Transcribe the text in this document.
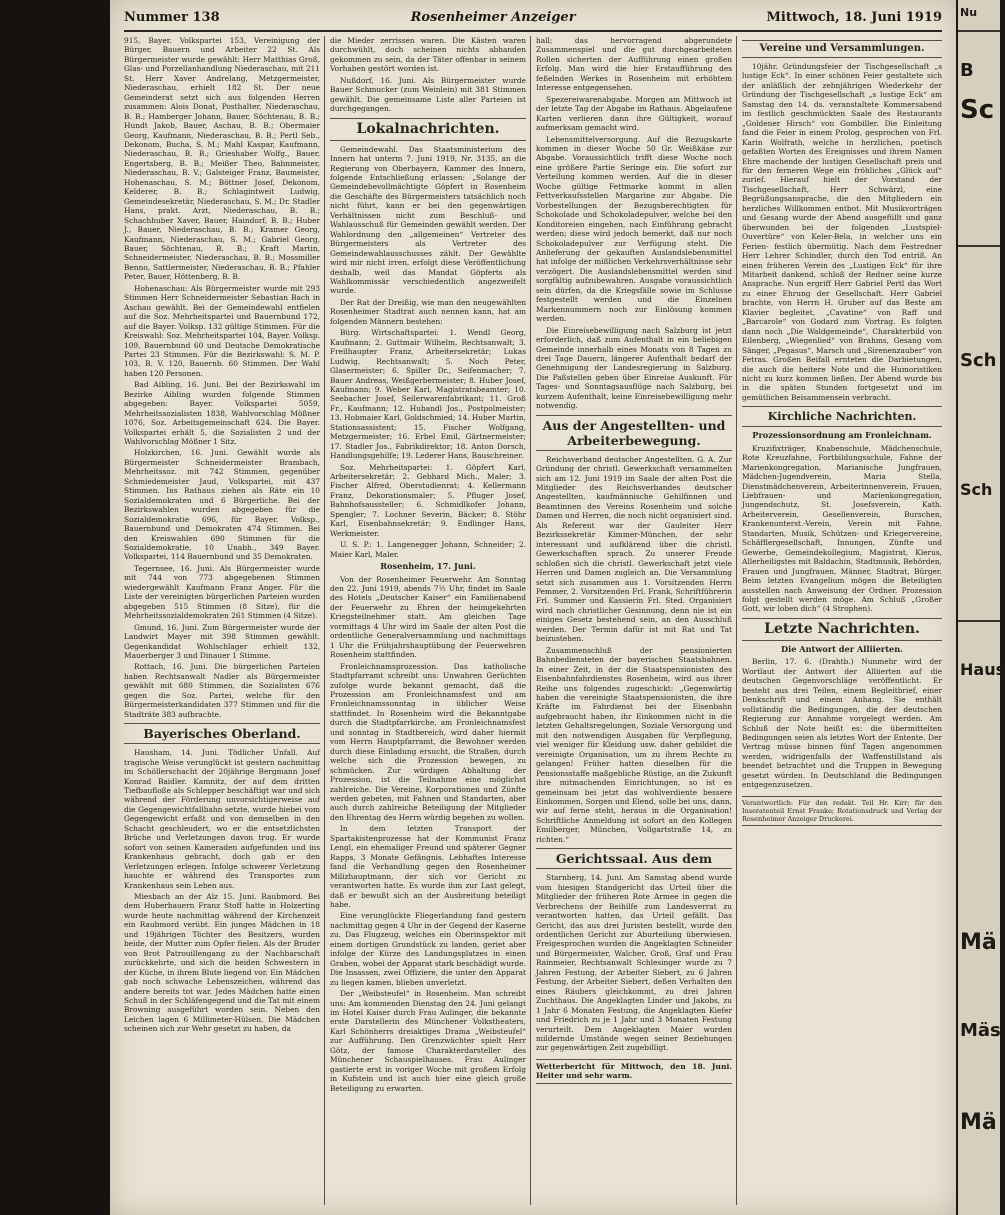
Nummer 138	Rosenheimer Anzeiger	Mittwoch, 18. Juni 1919
915, Bayer. Volkspartei 153, Vereinigung der Bürger, Bauern und Arbeiter 22 St. Als Bürgermeister wurde gewählt: Herr Matthias Groß, Glas- und Porzellanhandlung Niederaschau, mit 211 St. Herr Xaver Andrelang, Metzgermeister, Niederaschau, erhielt 182 St. Der neue Gemeinderat setzt sich aus folgenden Herren zusammen: Alois Donat, Posthalter, Niederaschau, B. B.; Hamberger Johann, Bauer, Söchtenau, B. B.; Hundt Jakob, Bauer, Aschau, B. B.; Obermaier Georg, Kaufmann, Niederaschau, B. B.; Pertl Seb., Dekonom, Bucha, S. M.; Mahl Kaspar, Kaufmann, Niederaschau, B. B.; Grieshaber Wolfg., Bauer, Engertsberg, B. B.; Meißer Theo, Bahnmeister, Niederaschau, B. V.; Galsteiger Franz, Baumeister, Hohenaschau, S. M.; Böttner Josef, Dekonom, Kelderer, B. B.; Schlagintweit Ludwig, Gemeindesekretär, Niederaschau, S. M.; Dr. Stadler Hans, prakt. Arzt, Niederaschau, B. B.; Schachhuber Xaver, Bauer, Haindorf, B. B.; Huber J., Bauer, Niederaschau, B. B.; Kramer Georg, Kaufmann, Niederaschau, S. M.; Gabriel Georg, Bauer, Söchtenau, B. B.; Kraft Martin, Schneidermeister, Niederaschau, B. B.; Mossmiller Benno, Sattlermeister, Niederaschau, B. B.; Pfahler Peter, Bauer, Höttenberg, B. B.
Hohenaschau: Als Bürgermeister wurde mit 293 Stimmen Herr Schneidermeister Sebastian Bach in Aschau gewählt. Bei der Gemeindewahl entfielen auf die Soz. Mehrheitspartei und Bauernbund 172, auf die Bayer. Volksp. 132 gültige Stimmen. Für die Kreiswahl: Soz. Mehrheitspartei 104, Bayer. Volksp. 109, Bauernbund 60 und Deutsche Demokratische Partei 23 Stimmen. Für die Bezirkswahl: S. M. P. 103, B. V. 120, Bauernb. 60 Stimmen. Der Wahl haben 120 Personen.
Bad Aibling, 16. Juni. Bei der Bezirkswahl im Bezirke Aibling wurden folgende Stimmen abgegeben: Bayer. Volkspartei 5059, Mehrheitssozialisten 1838, Wahlvorschlag Mößner 1076, Soz. Arbeitsgemeinschaft 624. Die Bayer. Volkspartei erhält 5, die Sozialisten 2 und der Wahlvorschlag Mößner 1 Sitz.
Holzkirchen, 16. Juni. Gewählt wurde als Bürgermeister Schneidermeister Brambach, Mehrheitssoz. mit 742 Stimmen, gegenüber Schmiedemeister Jaud, Volkspartei, mit 437 Stimmen. Ins Rathaus ziehen als Räte ein 10 Sozialdemokraten und 6 Bürgerliche. Bei der Bezirkswahlen wurden abgegeben für die Sozialdemokratie 696, für Bayer. Volksp., Bauernbund und Demokraten 474 Stimmen. Bei den Kreiswahlen 690 Stimmen für die Sozialdemokratie, 10 Unabh., 349 Bayer. Volkspartei, 114 Bauernbund und 35 Demokraten.
Tegernsee, 16. Juni. Als Bürgermeister wurde mit 744 von 773 abgegebenen Stimmen wiedergewählt Kaufmann Franz Anger. Für die Liste der vereinigten bürgerlichen Parteien wurden abgegeben 515 Stimmen (8 Sitze), für die Mehrheitssozialdemokraten 261 Stimmen (4 Sitze).
Gmund, 16. Juni. Zum Bürgermeister wurde der Landwirt Mayer mit 398 Stimmen gewählt. Gegenkandidat Wohlschlager erhielt 132, Mauerberger 3 und Dinauer 1 Stimme.
Rottach, 16. Juni. Die bürgerlichen Parteien haben Rechtsanwalt Nadler als Bürgermeister gewählt mit 680 Stimmen, die Sozialisten 676 gegen die Soz. Partei, welche für den Bürgermeisterkandidaten 377 Stimmen und für die Stadträte 383 aufbrachte.
Bayerisches Oberland.
Hausham, 14. Juni. Tödlicher Unfall. Auf tragische Weise verunglückt ist gestern nachmittag im Schöllerschacht der 20jährige Bergmann Josef Konrad Baidler. Kamnitz, der auf dem dritten Tiefbaufloße als Schlepper beschäftigt war und sich während der Förderung unvorsichtigerweise auf die Gegengewichtfallbahn setzte, wurde hiebei vom Gegengewicht erfaßt und von demselben in den Schacht geschleudert, wo er die entsetzlichsten Brüche und Verletzungen davon trug. Er wurde sofort von seinen Kameraden aufgefunden und ins Krankenhaus gebracht, doch gab er den Verletzungen erlegen. Infolge schwerer Verletzung hauchte er während des Transportes zum Krankenhaus sein Leben aus.
Miesbach an der Alz 15. Juni. Raubmord. Bei dem Huberbauern Franz Stoff hatte in Holzerting wurde heute nachmittag während der Kirchenzeit ein Raubmord verübt. Ein junges Mädchen in 18 und 19jährigen Töchter des Besitzers, wurden beide, der Mutter zum Opfer fielen. Als der Bruder von Brot Patrouillengang zu der Nachbarschaft zurückkehrte, und sich die beiden Schwestern in der Küche, in ihrem Blute liegend vor. Ein Mädchen gab noch schwache Lebenszeichen, während das andere bereits tot war. Jedes Mädchen hatte einen Schuß in der Schläfengegend und die Tat mit einem Browning ausgeführt worden sein. Neben den Leichen lagen 6 Millimeter-Hülsen. Die Mädchen scheinen sich zur Wehr gesetzt zu haben, da
die Mieder zerrissen waren. Die Kästen waren durchwühlt, doch scheinen nichts abhanden gekommen zu sein, da der Täter offenbar in seinem Vorhaben gestört worden ist.
Nußdorf, 16. Juni. Als Bürgermeister wurde Bauer Schmucker (zum Weinlein) mit 381 Stimmen gewählt. Die gemeinsame Liste aller Parteien ist durchgegangen.
Lokalnachrichten.
Gemeindewahl. Das Staatsministerium des Innern hat unterm 7. Juni 1919, Nr. 3135, an die Regierung von Oberbayern, Kammer des Innern, folgende Entschließung erlassen: „Solange der Gemeindebevollmächtigte Göpfert in Rosenheim die Geschäfte des Bürgermeisters tatsächlich noch nicht führt, kann er bei den gegenwärtigen Verhältnissen nicht zum Beschluß- und Wahlausschuß für Gemeinden gewählt werden. Der Wahlordnung den „allgemeinen“ Vertreter des Bürgermeisters als Vertreter des Gemeindewahlausschusses zählt. Der Gewählte wird mir nicht irren, erfolgt diese Veröffentlichung deshalb, weil das Mandat Göpferts als Wahlkommissär verschiedentlich angezweifelt wurde.
Der Rat der Dreißig, wie man den neugewählten Rosenheimer Stadtrat auch nennen kann, hat am folgenden Männern bestehen:
Bürg. Wirtschaftspartei: 1. Wendl Georg, Kaufmann; 2. Guttmair Wilhelm, Rechtsanwalt; 3. Freilhaupter Franz, Arbeitersekretär; Lukas Ludwig, Rechtsanwalt; 5. Noch Peter, Glasermeister; 6. Spiller Dr., Seifenmacher; 7. Bauer Andreas, Weißgerbermeister; 8. Huber Josef, Kaufmann; 9. Weber Karl, Magistratsbeamter; 10. Seebacher Josef, Seilerwarenfabrikant; 11. Groß Fr., Kaufmann; 12. Hubandl Jos., Postpolmeister; 13. Hobmaier Karl, Goldschmied; 14. Huber Martin, Stationsassistent; 15. Fischer Wolfgang, Metzgermeister; 16. Erbel Emil, Gärtnermeister; 17. Stadler Jos., Fabrikdirektor; 18. Anton Dorsch, Handlungsgehilfe; 19. Lederer Hans, Bauschreiner.
Soz. Mehrheitspartei: 1. Göpfert Karl, Arbeitersekretär; 2. Gebhard Mich., Maler; 3. Fischer Alfred, Oberstudienrat; 4. Kellermann Franz, Dekorationsmaler; 5. Pfluger Josef, Bahnhofsaussteller; 6. Schmidlkofer Johann, Spengler; 7. Lochner Severin, Bäcker; 8. Stöhr Karl, Eisenbahnsekretär; 9. Endlinger Hans, Werkmeister.
U. S. P.: 1. Langenegger Johann, Schneider; 2. Maier Karl, Maler.
Rosenheim, 17. Juni.
Von der Rosenheimer Feuerwehr. Am Sonntag den 22. Juni 1919, abends 7½ Uhr, findet im Saale des Hotels „Deutscher Kaiser“ ein Familienabend der Feuerwehr zu Ehren der heimgekehrten Kriegsteilnehmer statt. Am gleichen Tage vormittags 4 Uhr wird im Saale der alten Post die ordentliche Generalversammlung und nachmittags 1 Uhr die Frühjahrshauptübung der Feuerwehren Rosenheim stattfinden.
Fronleichnamsprozession. Das katholische Stadtpfarramt schreibt uns: Unwahren Gerüchten zufolge wurde bekannt gemacht, daß die Prozession am Fronleichnamsfest und am Fronleichnamssonntag in üblicher Weise stattfindet. In Rosenheim wird die Bekanntgabe durch die Stadtpfarrkirche, am Fronleichnamsfest und sonntag in Stadtbereich, wird daher hiermit vom Herrn Hauptpfarramt, die Bewohner werden durch diese Einladung ersucht, die Straßen, durch welche sich die Prozession bewegen, zu schmücken. Zur würdigen Abhaltung der Prozession, ist die Teilnahme eine möglichst zahlreiche. Die Vereine, Korporationen und Zünfte werden gebeten, mit Fahnen und Standarten, aber auch durch zahlreiche Beteiligung der Mitglieder den Ehrentag des Herrn würdig begehen zu wollen.
In dem letzten Transport der Spartakistenprozesse hat der Kommunist Franz Lengl, ein ehemaliger Freund und späterer Gegner Rapps, 3 Monate Gefängnis. Lebhaftes Interesse fand die Verhandlung gegen den Rosenheimer Milizhauptmann, der sich vor Gericht zu verantworten hatte. Es wurde ihm zur Last gelegt, daß er bewußt sich an der Ausbreitung beteiligt habe.
Eine verunglückte Fliegerlandung fand gestern nachmittag gegen 4 Uhr in der Gegend der Kaserne zu. Das Flugzeug, welches ein Oberinspektor mit einem dortigen Grundstück zu landen, geriet aber infolge der Kürze des Landungsplatzes in einen Graben, wobei der Apparat stark beschädigt wurde. Die Insassen, zwei Offiziere, die unter den Apparat zu liegen kamen, blieben unverletzt.
Der „Weibsteufel“ in Rosenheim. Man schreibt uns: Am kommenden Dienstag den 24. Juni gelangt im Hotel Kaiser durch Frau Aulinger, die bekannte erste Darstellerin des Münchener Volkstheaters, Karl Schönherrs dreiaktiges Drama „Weibsteufel“ zur Aufführung. Den Grenzwächter spielt Herr Götz, der famose Charakterdarsteller des Münchener Schauspielhauses. Frau Aulinger gastierte erst in voriger Woche mit großem Erfolg in Kufstein und ist auch hier eine gleich große Beteiligung zu erwarten.
hall; das hervorragend abgerundete Zusammenspiel und die gut durchgearbeiteten Rollen sicherten der Aufführung einen großen Erfolg. Man wird die hier Erstaufführung des feßelnden Werkes in Rosenheim mit erhöhtem Interesse entgegensehen.
Spezereiwarenabgabe. Morgen am Mittwoch ist der letzte Tag der Abgabe im Rathaus. Abgelaufene Karten verlieren dann ihre Gültigkeit, worauf aufmerksam gemacht wird.
Lebensmittelversorgung. Auf die Bezugskarte kommen in dieser Woche 50 Gr. Weißkäse zur Abgabe. Voraussichtlich trifft diese Woche noch eine größere Partie Seringe ein. Die sofort zur Verteilung kommen werden. Auf die in dieser Woche gültige Fettmarke kommt in allen Fettverkaufsstellen Margarine zur Abgabe. Die Vorbestellungen der Bezugsberechtigten für Schokolade und Schokoladepulver, welche bei den Konditoreien eingehen, nach Einführung gebracht werden; diese wird jedoch bemerkt, daß nur noch Schokoladepulver zur Verfügung steht. Die Anlieferung der gekauften Auslandslebensmittel hat infolge der mißlichen Verkehrsverhältnisse sehr verzögert. Die Auslandslebensmittel werden sind sorgfältig aufzubewahren. Ausgabe voraussichtlich sein dürfen, da die Kriegsfälle sowie im Schlusse festgestellt werden und die Einzelnen Markennummern noch zur Einlösung kommen werden.
Die Einreisebewilligung nach Salzburg ist jetzt erforderlich, daß zum Aufenthalt in ein beliebigen Gemeinde innerhalb eines Monats von 8 Tagen zu drei Tage Dauern, längerer Aufenthalt bedarf der Genehmigung der Landesregierung in Salzburg. Die Paßstellen geben über Einreise Auskunft. Für Tages- und Sonntagsausflüge nach Salzburg, bei kurzem Aufenthalt, keine Einreisebewilligung mehr notwendig.
Aus der Angestellten- und Arbeiterbewegung.
Reichsverband deutscher Angestellten. G. A. Zur Gründung der christl. Gewerkschaft versammelten sich am 12. Juni 1919 im Saale der alten Post die Mitglieder des Reichsverbandes deutscher Angestellten, kaufmännische Gehilfinnen und Beamtinnen des Vereins Rosenheim und solche Damen und Herren, die noch nicht organisiert sind. Als Referent war der Gauleiter Herr Bezirkssekretär Kimmer-München, der sehr interessant und aufklärend über die christl. Gewerkschaften sprach. Zu unserer Freude schloßen sich die christl. Gewerkschaft jetzt viele Herren und Damen zugleich an. Die Versammlung setzt sich zusammen aus 1. Vorsitzenden Herrn Pemmer, 2. Vorsitzenden Frl. Frank, Schriftführerin Frl. Summer und Kassierin Frl. Sted. Organisiert wird nach christlicher Gesinnung, denn nie ist ein einiges Gesetz bestehend sein, an den Ausschluß werden. Der Termin dafür ist mit Rat und Tat beizustehen.
Zusammenschluß der pensionierten Bahnbediensteten der bayerischen Staatsbahnen. In einer Zeit, in der die Staatspensionisten des Eisenbahnfahrdienstes Rosenheim, wird aus ihrer Reihe uns folgendes zugeschickt: „Gegenwärtig haben die vereinigte Staatspensionisten, die ihre Kräfte im Fahrdienst bei der Eisenbahn aufgebraucht haben, ihr Einkommen nicht in die letzten Gehaltsregelungen, Soziale Versorgung und mit den notwendigen Ausgaben für Verpflegung, viel weniger für Kleidung usw. daher gebildet die vereinigte Organisation, um zu ihrem Rechte zu gelangen! Früher hatten dieselben für die Pensionsstaffe maßgebliche Rüstige, an die Zukunft ihre mitmachenden Einrichtungen, so ist es gemeinsam bei jetzt das wohlverdiente bessere Einkommen, Sorgen und Elend, solle bei uns, dann, wir auf ferne steht, heraus in die Organisation! Schriftliche Anmeldung ist sofort an den Kollegen Emilberger, München, Vollgartstraße 14, zu richten.“
Gerichtssaal. Aus dem
Starnberg, 14. Juni. Am Samstag abend wurde vom hiesigen Standgericht das Urteil über die Mitglieder der früheren Rote Armee in gegen die Verbrechens der Beihilfe zum Landesverrat zu verantworten hatten, das Urteil gefällt. Das Gericht, das aus drei Juristen bestellt, wurde den ordentlichen Gericht zur Aburteilung überwiesen. Freigesprochen wurden die Angeklagten Schneider und Bürgermeister, Walcher, Groß, Graf und Frau Rainmeier, Rechtsanwalt Schlesinger wurde zu 7 Jahren Festung, der Arbeiter Siebert, zu 6 Jahren Festung, der Arbeiter Siebert, deßen Verhalten den eines Räubers gleichkommt, zu drei Jahren Zuchthaus. Die Angeklagten Linder und Jakobs, zu 1 Jahr 6 Monaten Festung, die Angeklagten Kiefer und Friedrich zu je 1 Jahr und 3 Monaten Festung verurteilt. Dem Angeklagten Maier wurden mildernde Umstände wegen seiner Beziehungen zur gegenwärtigen Zeit zugebilligt.
Wetterbericht für Mittwoch, den 18. Juni. Heiter und sehr warm.
Vereine und Versammlungen.
10jähr. Gründungsfeier der Tischgesellschaft „s lustige Eck“. In einer schönen Feier gestaltete sich der anläßlich der zehnjährigen Wiederkehr der Gründung der Tischgesellschaft „s lustige Eck“ am Samstag den 14. ds. veranstaltete Kommersabend im festlich geschmückten Saale des Restaurants „Goldener Hirsch“ von Gombiller. Die Einleitung fand die Feier in einem Prolog, gesprochen von Frl. Karin Wolfrath, welche in herzlichen, poetisch gefaßten Worten des Ereignisses und ihrem Namen Ehre machende der lustigen Gesellschaft preis und für den ferneren Wege ein fröhliches „Glück auf“ zurief. Hierauf hielt der Vorstand der Tischgesellschaft, Herr Schwärzl, eine Begrüßungsansprache, die den Mitgliedern ein herzliches Willkommen entbot. Mit Musikvorträgen und Gesang wurde der Abend ausgefüllt und ganz überwunden bei der folgenden „Lustspiel-Ouvertüre“ von Keler-Bela, in welcher uns ein Ferien- festlich übermütig. Nach dem Festredner Herr Lehrer Schindler, durch den Tod entriß. An einen früheren Verein des „Lustigen Eck“ für ihre Mitarbeit dankend, schloß der Redner seine kurze Ansprache. Nun ergriff Herr Gabriel Pertl das Wort zu einer Ehrung der Gesellschaft. Herr Gabriel brachte, von Herrn H. Gruber auf das Beste am Klavier begleitet, „Cavatine“ von Raff und „Barcarole“ von Godard zum Vortrag. Es folgten dann noch „Die Waldgemeinde“, Charakterbild von Eilenberg, „Wiegenlied“ von Brahms, Gesang vom Sänger, „Pegasus“, Marsch und „Sirenenzauber“ von Fetras. Großen Beifall ernteten die Darbietungen, die auch die heitere Note und die Humoristiken nicht zu kurz kommen ließen. Der Abend wurde bis in die späten Stunden fortgesetzt und im gemütlichen Beisammensein verbracht.
Kirchliche Nachrichten.
Prozessionsordnung am Fronleichnam.
Kruzifixträger, Knabenschule, Mädchenschule, Rote Kreuzfahne, Fortbildungsschule, Fahne der Marienkongregation, Marianische Jungfrauen, Mädchen-Jugendverein, Maria Stella, Dienstmädchenverein, Arbeiterinnenverein, Frauen, Liebfrauen- und Marienkongregation, Jungendschutz, St. Josefsverein, Kath. Arbeiterverein, Gesellenverein, Burschen, Krankenunterst.-Verein, Verein mit Fahne, Standarten, Musik, Schützen- und Kriegervereine, Schäfflergesellschaft, Innungen, Zünfte und Gewerbe, Gemeindekollegium, Magistrat, Klerus, Allerheiligstes mit Baldachin, Stadtmusik, Behörden, Frauen und Jungfrauen, Männer, Stadtrat, Bürger. Beim letzten Evangelium mögen die Beteiligten ausstellen nach Anweisung der Ordner. Prozession folgt gestellt werden möge. Am Schluß „Großer Gott, wir loben dich“ (4 Strophen).
Letzte Nachrichten.
Die Antwort der Alliierten.
Berlin, 17. 6. (Drahtb.) Nunmehr wird der Wortlaut der Antwort der Alliierten auf die deutschen Gegenvorschläge veröffentlicht. Er besteht aus drei Teilen, einem Begleitbrief, einer Denkschrift und einem Anhang. Sie enthält vollständig die Bedingungen, die der deutschen Regierung zur Annahme vorgelegt werden. Am Schluß der Note heißt es: die übermittelten Bedingungen seien als letztes Wort der Entente. Der Vertrag müsse binnen fünf Tagen angenommen werden, widrigenfalls der Waffenstillstand als beendet betrachtet und die Truppen in Bewegung gesetzt würden. In Deutschland die Bedingungen entgegenzusetzen.
Verantwortlich: Für den redakt. Teil Hr. Kirr; für den Inseratenteil Ernst Franke; Rotationsdruck und Verlag der Rosenheimer Anzeiger Druckerei.
Nu
Sc
B
Sch
Sch
Haus
Mä
Mäs
Mä
